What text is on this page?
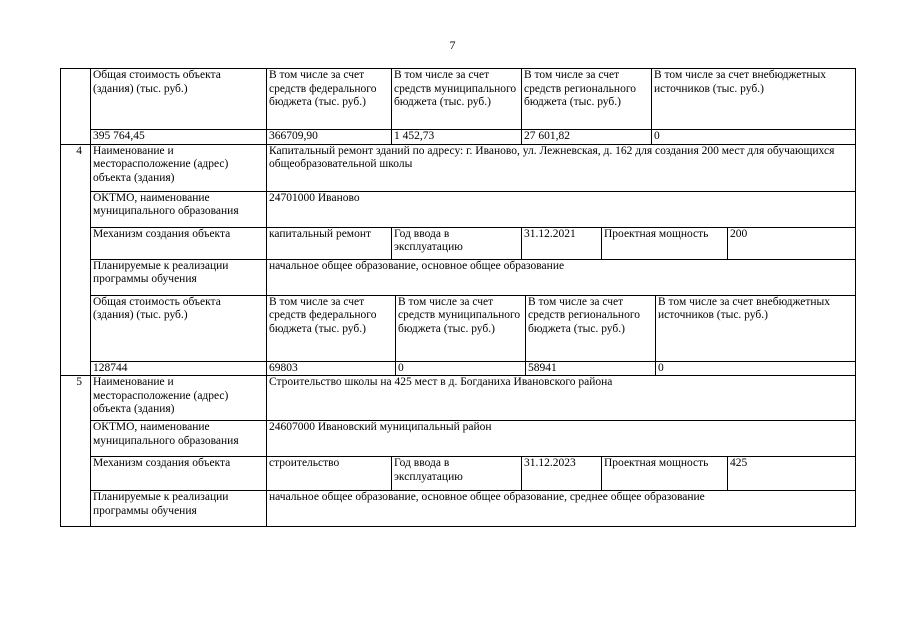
7
	Общая стоимость объекта (здания) (тыс. руб.)	В том числе за счет средств федерального бюджета (тыс. руб.)	В том числе за счет средств муниципального бюджета (тыс. руб.)		В том числе за счет средств регионального бюджета (тыс. руб.)			В том числе за счет внебюджетных источников (тыс. руб.)		
	395 764,45	366709,90	1 452,73		27 601,82			0		
4	Наименование и месторасположение (адрес) объекта (здания)	Капитальный ремонт зданий по адресу: г. Иваново, ул. Лежневская, д. 162 для создания 200 мест для обучающихся общеобразовательной школы								
	ОКТМО, наименование муниципального образования	24701000 Иваново								
	Механизм создания объекта	капитальный ремонт	Год ввода в эксплуатацию		31.12.2021		Проектная мощность			200
	Планируемые к реализации программы обучения	начальное общее образование, основное общее образование								
	Общая стоимость объекта (здания) (тыс. руб.)	В том числе за счет средств федерального бюджета (тыс. руб.)		В том числе за счет средств муниципального бюджета (тыс. руб.)		В том числе за счет средств регионального бюджета (тыс. руб.)			В том числе за счет внебюджетных источников (тыс. руб.)	
	128744	69803		0		58941			0	

5	Наименование и месторасположение (адрес) объекта (здания)	Строительство школы на 425 мест в д. Богданиха Ивановского района								
	ОКТМО, наименование муниципального образования	24607000 Ивановский муниципальный район								
	Механизм создания объекта	строительство	Год ввода в эксплуатацию		31.12.2023		Проектная мощность			425
	Планируемые к реализации программы обучения	начальное общее образование, основное общее образование, среднее общее образование								
